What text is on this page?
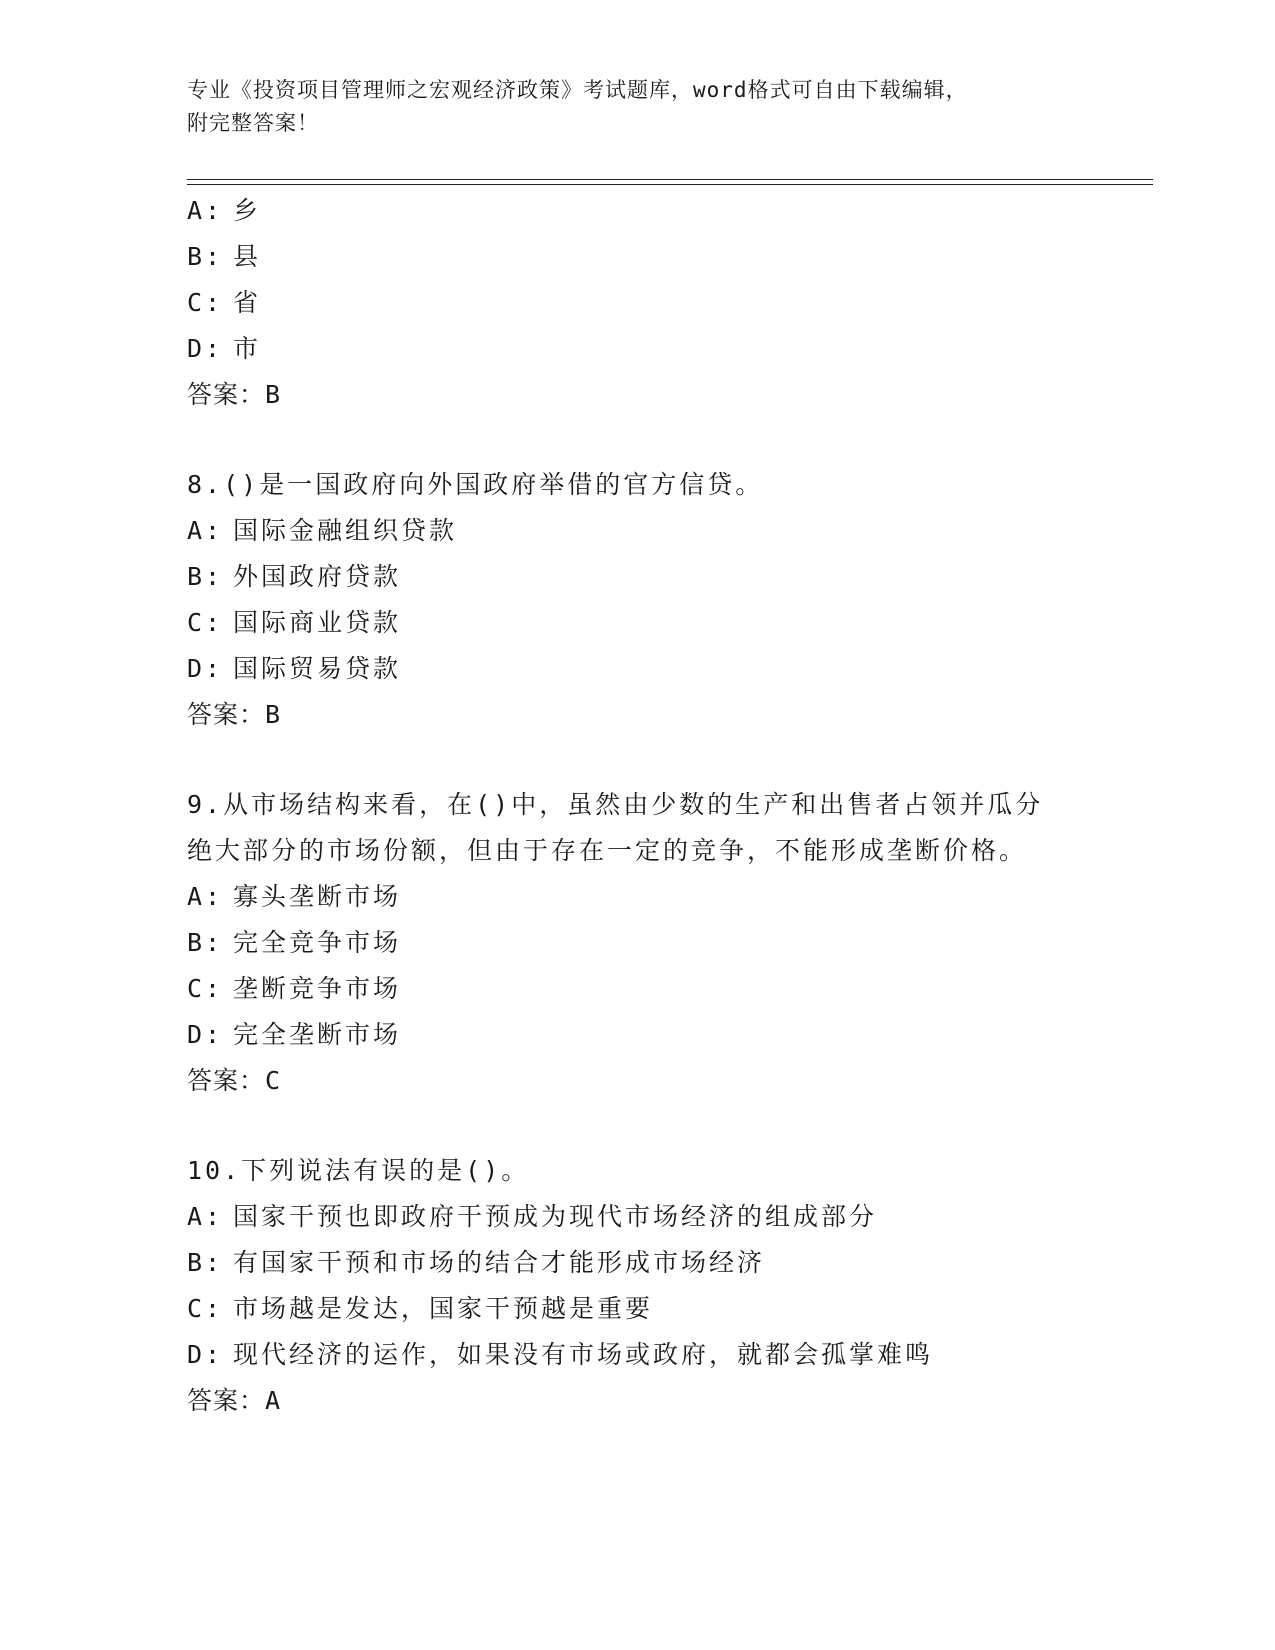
专业《投资项目管理师之宏观经济政策》考试题库，word格式可自由下载编辑，
附完整答案！
A: 乡
B: 县
C: 省
D: 市
答案：B
8.()是一国政府向外国政府举借的官方信贷。
A: 国际金融组织贷款
B: 外国政府贷款
C: 国际商业贷款
D: 国际贸易贷款
答案：B
9.从市场结构来看，在()中，虽然由少数的生产和出售者占领并瓜分
绝大部分的市场份额，但由于存在一定的竞争，不能形成垄断价格。
A: 寡头垄断市场
B: 完全竞争市场
C: 垄断竞争市场
D: 完全垄断市场
答案：C
10.下列说法有误的是()。
A: 国家干预也即政府干预成为现代市场经济的组成部分
B: 有国家干预和市场的结合才能形成市场经济
C: 市场越是发达，国家干预越是重要
D: 现代经济的运作，如果没有市场或政府，就都会孤掌难鸣
答案：A
